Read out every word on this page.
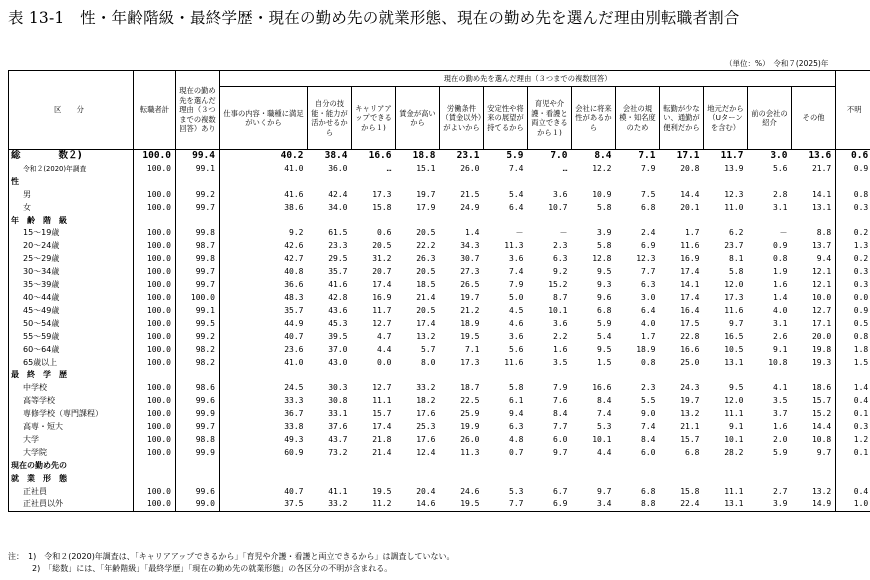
表 13-1　性・年齢階級・最終学歴・現在の勤め先の就業形態、現在の勤め先を選んだ理由別転職者割合
（単位：%）　令和７(2025)年
区　分	転職者計	現在の勤め先を選んだ理由（３つまでの複数回答）あり	現在の勤め先を選んだ理由（３つまでの複数回答）													不明
			仕事の内容・職種に満足がいくから	自分の技能・能力が活かせるから	キャリアアップできるから１)	賃金が高いから	労働条件（賃金以外）がよいから	安定性や将来の展望が持てるから	育児や介護・看護と両立できるから１)	会社に将来性があるから	会社の規模・知名度のため	転勤が少ない、通勤が便利だから	地元だから（Uターンを含む）	前の会社の紹介	その他	
総　　　　数２)	100.0	99.4	40.2	38.4	16.6	18.8	23.1	5.9	7.0	8.4	7.1	17.1	11.7	3.0	13.6	0.6
令和２(2020)年調査	100.0	99.1	41.0	36.0	…	15.1	26.0	7.4	…	12.2	7.9	20.8	13.9	5.6	21.7	0.9
性																
男	100.0	99.2	41.6	42.4	17.3	19.7	21.5	5.4	3.6	10.9	7.5	14.4	12.3	2.8	14.1	0.8
女	100.0	99.7	38.6	34.0	15.8	17.9	24.9	6.4	10.7	5.8	6.8	20.1	11.0	3.1	13.1	0.3
年　齢　階　級																
15～19歳	100.0	99.8	9.2	61.5	0.6	20.5	1.4	－	－	3.9	2.4	1.7	6.2	－	8.8	0.2
20～24歳	100.0	98.7	42.6	23.3	20.5	22.2	34.3	11.3	2.3	5.8	6.9	11.6	23.7	0.9	13.7	1.3
25～29歳	100.0	99.8	42.7	29.5	31.2	26.3	30.7	3.6	6.3	12.8	12.3	16.9	8.1	0.8	9.4	0.2
30～34歳	100.0	99.7	40.8	35.7	20.7	20.5	27.3	7.4	9.2	9.5	7.7	17.4	5.8	1.9	12.1	0.3
35～39歳	100.0	99.7	36.6	41.6	17.4	18.5	26.5	7.9	15.2	9.3	6.3	14.1	12.0	1.6	12.1	0.3
40～44歳	100.0	100.0	48.3	42.8	16.9	21.4	19.7	5.0	8.7	9.6	3.0	17.4	17.3	1.4	10.0	0.0
45～49歳	100.0	99.1	35.7	43.6	11.7	20.5	21.2	4.5	10.1	6.8	6.4	16.4	11.6	4.0	12.7	0.9
50～54歳	100.0	99.5	44.9	45.3	12.7	17.4	18.9	4.6	3.6	5.9	4.0	17.5	9.7	3.1	17.1	0.5
55～59歳	100.0	99.2	40.7	39.5	4.7	13.2	19.5	3.6	2.2	5.4	1.7	22.8	16.5	2.6	20.0	0.8
60～64歳	100.0	98.2	23.6	37.0	4.4	5.7	7.1	5.6	1.6	9.5	18.9	16.6	10.5	9.1	19.8	1.8
65歳以上	100.0	98.2	41.0	43.0	0.0	8.0	17.3	11.6	3.5	1.5	0.8	25.0	13.1	10.8	19.3	1.5
最　終　学　歴																
中学校	100.0	98.6	24.5	30.3	12.7	33.2	18.7	5.8	7.9	16.6	2.3	24.3	9.5	4.1	18.6	1.4
高等学校	100.0	99.6	33.3	30.8	11.1	18.2	22.5	6.1	7.6	8.4	5.5	19.7	12.0	3.5	15.7	0.4
専修学校（専門課程）	100.0	99.9	36.7	33.1	15.7	17.6	25.9	9.4	8.4	7.4	9.0	13.2	11.1	3.7	15.2	0.1
高専・短大	100.0	99.7	33.8	37.6	17.4	25.3	19.9	6.3	7.7	5.3	7.4	21.1	9.1	1.6	14.4	0.3
大学	100.0	98.8	49.3	43.7	21.8	17.6	26.0	4.8	6.0	10.1	8.4	15.7	10.1	2.0	10.8	1.2
大学院	100.0	99.9	60.9	73.2	21.4	12.4	11.3	0.7	9.7	4.4	6.0	6.8	28.2	5.9	9.7	0.1
現在の勤め先の																
就　業　形　態																
正社員	100.0	99.6	40.7	41.1	19.5	20.4	24.6	5.3	6.7	9.7	6.8	15.8	11.1	2.7	13.2	0.4
正社員以外	100.0	99.0	37.5	33.2	11.2	14.6	19.5	7.7	6.9	3.4	8.8	22.4	13.1	3.9	14.9	1.0
注：　1)　令和２(2020)年調査は、「キャリアアップできるから」「育児や介護・看護と両立できるから」は調査していない。
　　　2)　「総数」には、「年齢階級」「最終学歴」「現在の勤め先の就業形態」の各区分の不明が含まれる。
